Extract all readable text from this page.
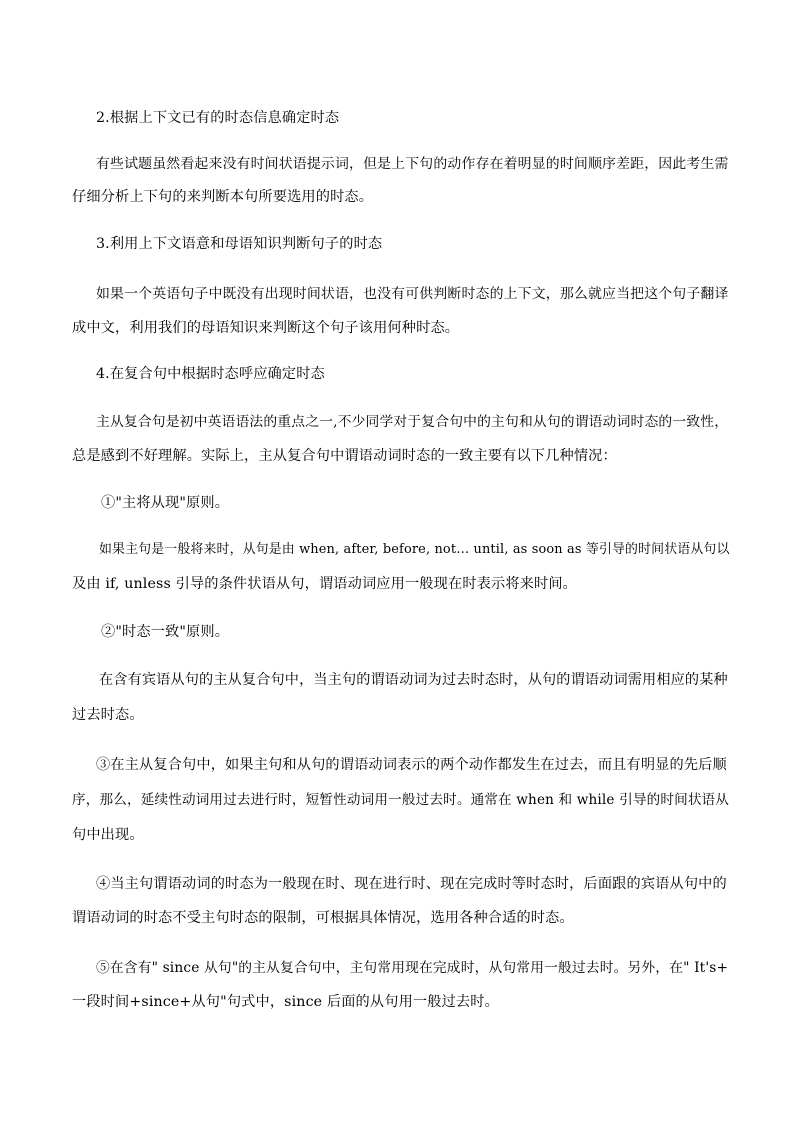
2.根据上下文已有的时态信息确定时态
有些试题虽然看起来没有时间状语提示词，但是上下句的动作存在着明显的时间顺序差距，因此考生需
仔细分析上下句的来判断本句所要选用的时态。
3.利用上下文语意和母语知识判断句子的时态
如果一个英语句子中既没有出现时间状语，也没有可供判断时态的上下文，那么就应当把这个句子翻译
成中文，利用我们的母语知识来判断这个句子该用何种时态。
4.在复合句中根据时态呼应确定时态
主从复合句是初中英语语法的重点之一,不少同学对于复合句中的主句和从句的谓语动词时态的一致性，
总是感到不好理解。实际上，主从复合句中谓语动词时态的一致主要有以下几种情况：
①"主将从现"原则。
如果主句是一般将来时，从句是由 when, after, before, not… until, as soon as 等引导的时间状语从句以
及由 if, unless 引导的条件状语从句，谓语动词应用一般现在时表示将来时间。
②"时态一致"原则。
在含有宾语从句的主从复合句中，当主句的谓语动词为过去时态时，从句的谓语动词需用相应的某种
过去时态。
③在主从复合句中，如果主句和从句的谓语动词表示的两个动作都发生在过去，而且有明显的先后顺
序，那么，延续性动词用过去进行时，短暂性动词用一般过去时。通常在 when 和 while 引导的时间状语从
句中出现。
④当主句谓语动词的时态为一般现在时、现在进行时、现在完成时等时态时，后面跟的宾语从句中的
谓语动词的时态不受主句时态的限制，可根据具体情况，选用各种合适的时态。
⑤在含有" since 从句"的主从复合句中，主句常用现在完成时，从句常用一般过去时。另外，在" It's+
一段时间+since+从句"句式中，since 后面的从句用一般过去时。
